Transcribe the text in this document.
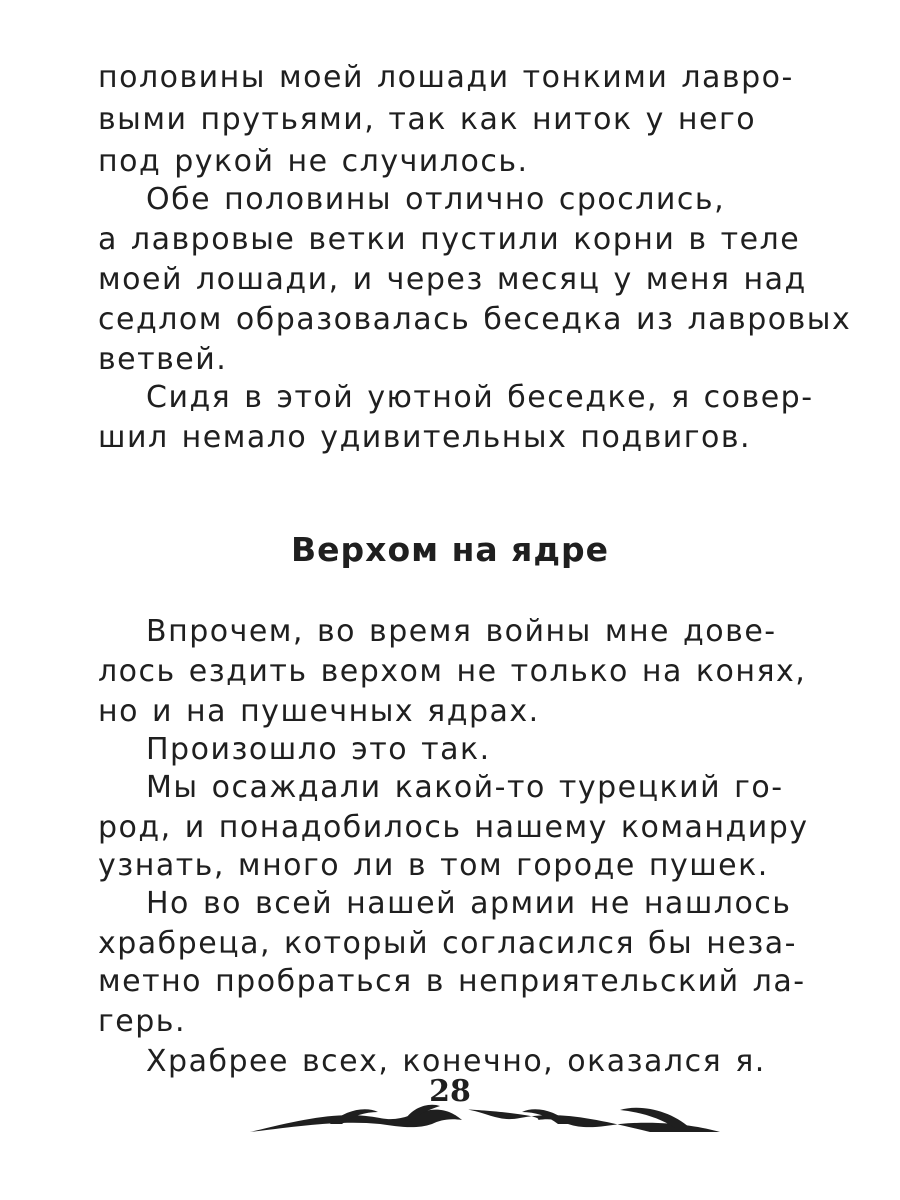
половины моей лошади тонкими лавро-
выми прутьями, так как ниток у него
под рукой не случилось.
Обе половины отлично срослись,
а лавровые ветки пустили корни в теле
моей лошади, и через месяц у меня над
седлом образовалась беседка из лавровых
ветвей.
Сидя в этой уютной беседке, я совер-
шил немало удивительных подвигов.
Верхом на ядре
Впрочем, во время войны мне дове-
лось ездить верхом не только на конях,
но и на пушечных ядрах.
Произошло это так.
Мы осаждали какой-то турецкий го-
род, и понадобилось нашему командиру
узнать, много ли в том городе пушек.
Но во всей нашей армии не нашлось
храбреца, который согласился бы неза-
метно пробраться в неприятельский ла-
герь.
Храбрее всех, конечно, оказался я.
28
